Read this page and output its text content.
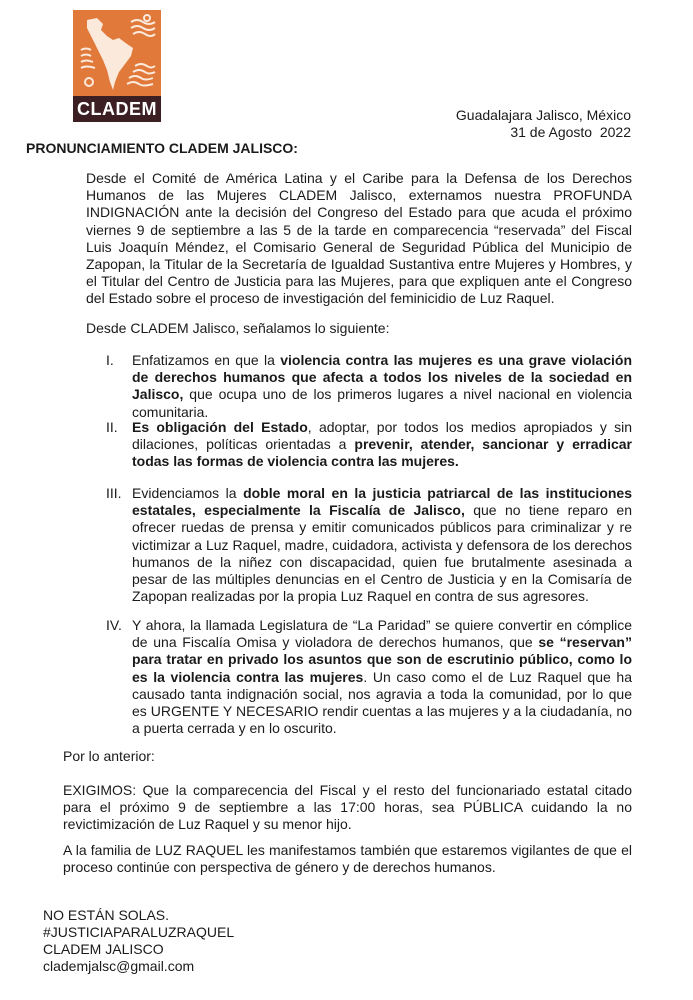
CLADEM	Guadalajara Jalisco, México
31 de Agosto  2022
PRONUNCIAMIENTO CLADEM JALISCO:
Desde el Comité de América Latina y el Caribe para la Defensa de los Derechos Humanos de las Mujeres CLADEM Jalisco, externamos nuestra PROFUNDA INDIGNACIÓN ante la decisión del Congreso del Estado para que acuda el próximo viernes 9 de septiembre a las 5 de la tarde en comparecencia “reservada” del Fiscal Luis Joaquín Méndez, el Comisario General de Seguridad Pública del Municipio de Zapopan, la Titular de la Secretaría de Igualdad Sustantiva entre Mujeres y Hombres, y el Titular del Centro de Justicia para las Mujeres, para que expliquen ante el Congreso del Estado sobre el proceso de investigación del feminicidio de Luz Raquel.
Desde CLADEM Jalisco, señalamos lo siguiente:
I. Enfatizamos en que la violencia contra las mujeres es una grave violación de derechos humanos que afecta a todos los niveles de la sociedad en Jalisco, que ocupa uno de los primeros lugares a nivel nacional en violencia comunitaria.
II. Es obligación del Estado, adoptar, por todos los medios apropiados y sin dilaciones, políticas orientadas a prevenir, atender, sancionar y erradicar todas las formas de violencia contra las mujeres.
III. Evidenciamos la doble moral en la justicia patriarcal de las instituciones estatales, especialmente la Fiscalía de Jalisco, que no tiene reparo en ofrecer ruedas de prensa y emitir comunicados públicos para criminalizar y re victimizar a Luz Raquel, madre, cuidadora, activista y defensora de los derechos humanos de la niñez con discapacidad, quien fue brutalmente asesinada a pesar de las múltiples denuncias en el Centro de Justicia y en la Comisaría de Zapopan realizadas por la propia Luz Raquel en contra de sus agresores.
IV. Y ahora, la llamada Legislatura de “La Paridad” se quiere convertir en cómplice de una Fiscalía Omisa y violadora de derechos humanos, que se “reservan” para tratar en privado los asuntos que son de escrutinio público, como lo es la violencia contra las mujeres. Un caso como el de Luz Raquel que ha causado tanta indignación social, nos agravia a toda la comunidad, por lo que es URGENTE Y NECESARIO rendir cuentas a las mujeres y a la ciudadanía, no a puerta cerrada y en lo oscurito.
Por lo anterior:
EXIGIMOS: Que la comparecencia del Fiscal y el resto del funcionariado estatal citado para el próximo 9 de septiembre a las 17:00 horas, sea PÚBLICA cuidando la no revictimización de Luz Raquel y su menor hijo.
A la familia de LUZ RAQUEL les manifestamos también que estaremos vigilantes de que el proceso continúe con perspectiva de género y de derechos humanos.
NO ESTÁN SOLAS.
#JUSTICIAPARALUZRAQUEL
CLADEM JALISCO
clademjalsc@gmail.com
